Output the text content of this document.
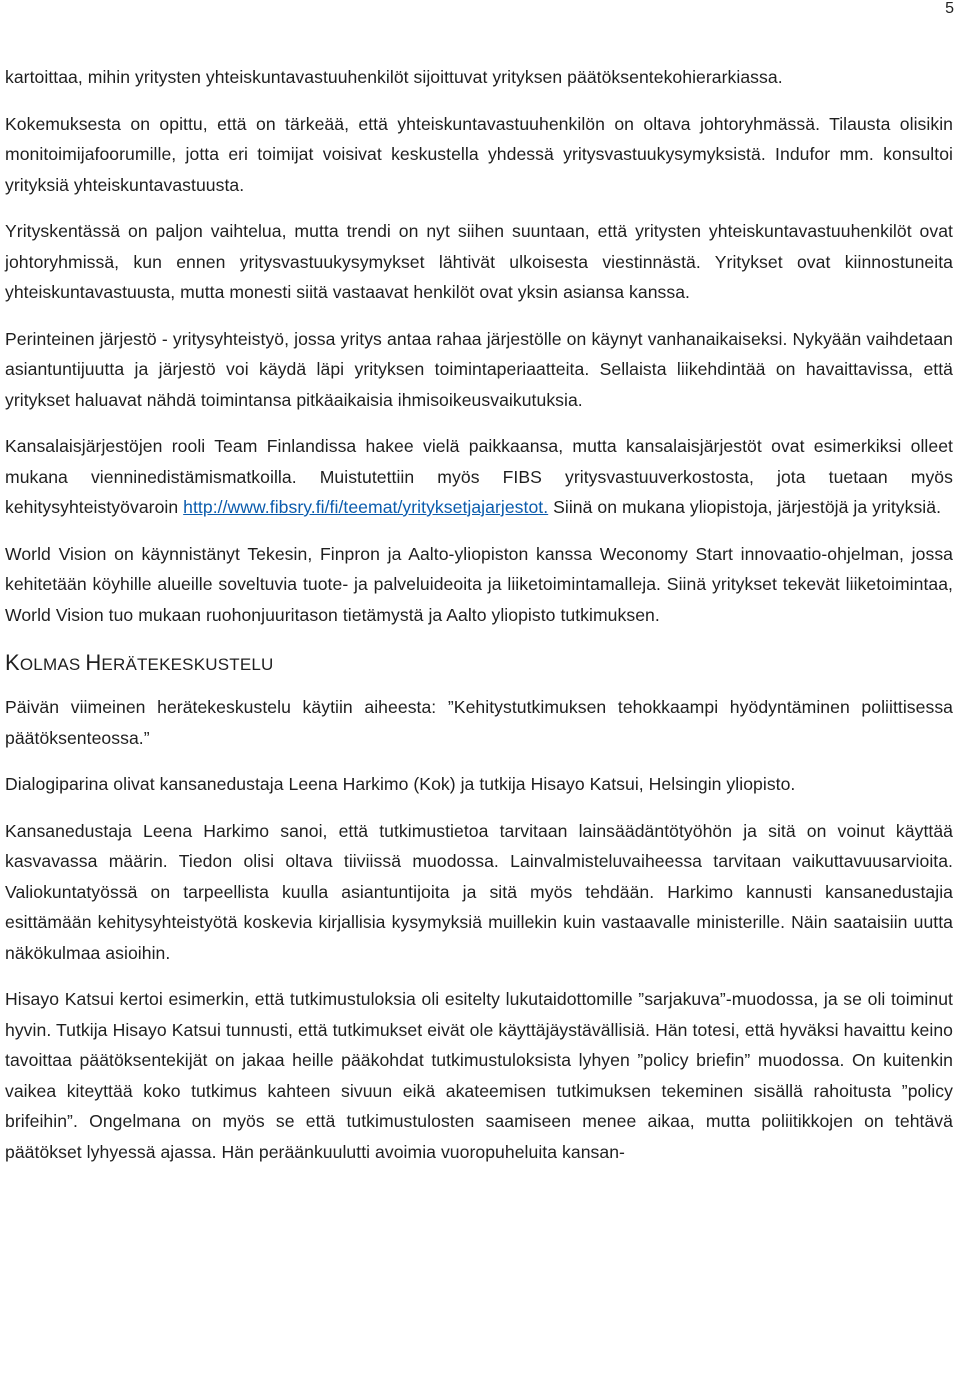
5

kartoittaa, mihin yritysten yhteiskuntavastuuhenkilöt sijoittuvat yrityksen päätöksentekohierarkiassa.

Kokemuksesta on opittu, että on tärkeää, että yhteiskuntavastuuhenkilön on oltava johtoryhmässä. Tilausta olisikin monitoimijafoorumille, jotta eri toimijat voisivat keskustella yhdessä yritysvastuukysymyksistä. Indufor mm. konsultoi yrityksiä yhteiskuntavastuusta.

Yrityskentässä on paljon vaihtelua, mutta trendi on nyt siihen suuntaan, että yritysten yhteiskuntavastuuhenkilöt ovat johtoryhmissä, kun ennen yritysvastuukysymykset lähtivät ulkoisesta viestinnästä. Yritykset ovat kiinnostuneita yhteiskuntavastuusta, mutta monesti siitä vastaavat henkilöt ovat yksin asiansa kanssa.

Perinteinen järjestö - yritysyhteistyö, jossa yritys antaa rahaa järjestölle on käynyt vanhanaikaiseksi. Nykyään vaihdetaan asiantuntijuutta ja järjestö voi käydä läpi yrityksen toimintaperiaatteita. Sellaista liikehdintää on havaittavissa, että yritykset haluavat nähdä toimintansa pitkäaikaisia ihmisoikeusvaikutuksia.

Kansalaisjärjestöjen rooli Team Finlandissa hakee vielä paikkaansa, mutta kansalaisjärjestöt ovat esimerkiksi olleet mukana vienninedistämismatkoilla. Muistutettiin myös FIBS yritysvastuuverkostosta, jota tuetaan myös kehitysyhteistyövaroin http://www.fibsry.fi/fi/teemat/yrityksetjajarjestot. Siinä on mukana yliopistoja, järjestöjä ja yrityksiä.

World Vision on käynnistänyt Tekesin, Finpron ja Aalto-yliopiston kanssa Weconomy Start innovaatio-ohjelman, jossa kehitetään köyhille alueille soveltuvia tuote- ja palveluideoita ja liiketoimintamalleja. Siinä yritykset tekevät liiketoimintaa, World Vision tuo mukaan ruohonjuuritason tietämystä ja Aalto yliopisto tutkimuksen.

KOLMAS HERÄTEKESKUSTELU

Päivän viimeinen herätekeskustelu käytiin aiheesta: ”Kehitystutkimuksen tehokkaampi hyödyntäminen poliittisessa päätöksenteossa.”

Dialogiparina olivat kansanedustaja Leena Harkimo (Kok) ja tutkija Hisayo Katsui, Helsingin yliopisto.

Kansanedustaja Leena Harkimo sanoi, että tutkimustietoa tarvitaan lainsäädäntötyöhön ja sitä on voinut käyttää kasvavassa määrin. Tiedon olisi oltava tiiviissä muodossa. Lainvalmisteluvaiheessa tarvitaan vaikuttavuusarvioita. Valiokuntatyössä on tarpeellista kuulla asiantuntijoita ja sitä myös tehdään. Harkimo kannusti kansanedustajia esittämään kehitysyhteistyötä koskevia kirjallisia kysymyksiä muillekin kuin vastaavalle ministerille. Näin saataisiin uutta näkökulmaa asioihin.

Hisayo Katsui kertoi esimerkin, että tutkimustuloksia oli esitelty lukutaidottomille ”sarjakuva”-muodossa, ja se oli toiminut hyvin. Tutkija Hisayo Katsui tunnusti, että tutkimukset eivät ole käyttäjäystävällisiä. Hän totesi, että hyväksi havaittu keino tavoittaa päätöksentekijät on jakaa heille pääkohdat tutkimustuloksista lyhyen ”policy briefin” muodossa. On kuitenkin vaikea kiteyttää koko tutkimus kahteen sivuun eikä akateemisen tutkimuksen tekeminen sisällä rahoitusta ”policy brifeihin”. Ongelmana on myös se että tutkimustulosten saamiseen menee aikaa, mutta poliitikkojen on tehtävä päätökset lyhyessä ajassa. Hän peräänkuulutti avoimia vuoropuheluita kansan-
